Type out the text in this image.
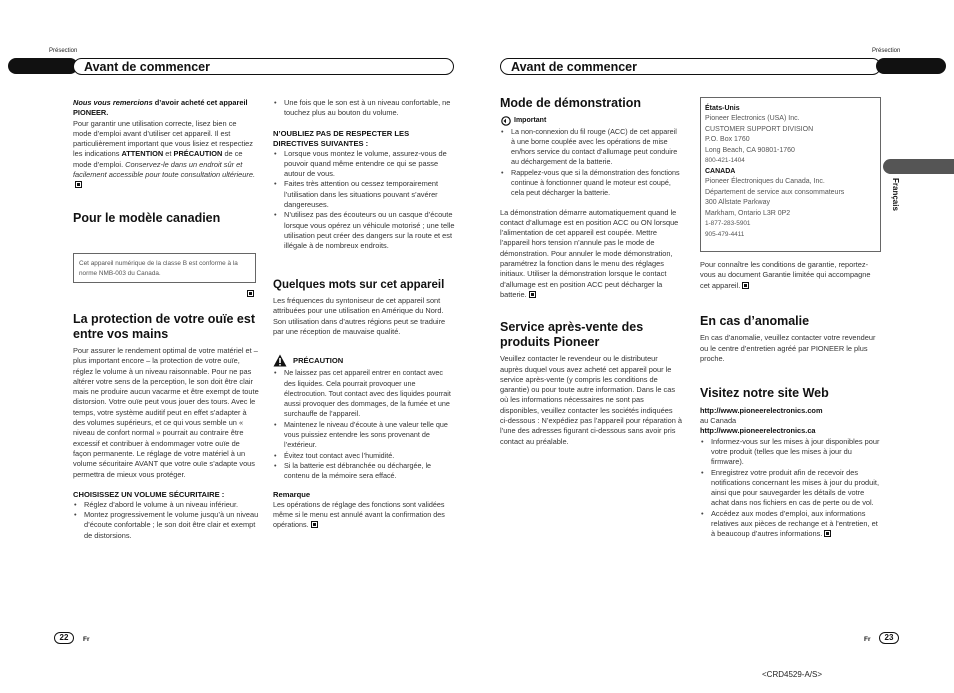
Présection	Présection
Avant de commencer	Avant de commencer
Français

Nous vous remercions d’avoir acheté cet appareil PIONEER.

Pour garantir une utilisation correcte, lisez bien ce mode d’emploi avant d’utiliser cet appareil. Il est particulièrement important que vous lisiez et respectiez les indications ATTENTION et PRÉCAUTION de ce mode d’emploi. Conservez-le dans un endroit sûr et facilement accessible pour toute consultation ultérieure.

Pour le modèle canadien

Cet appareil numérique de la classe B est conforme à la norme NMB-003 du Canada.

La protection de votre ouïe est entre vos mains

Pour assurer le rendement optimal de votre matériel et – plus important encore – la protection de votre ouïe, réglez le volume à un niveau raisonnable. Pour ne pas altérer votre sens de la perception, le son doit être clair mais ne produire aucun vacarme et être exempt de toute distorsion. Votre ouïe peut vous jouer des tours. Avec le temps, votre système auditif peut en effet s’adapter à des volumes supérieurs, et ce qui vous semble un « niveau de confort normal » pourrait au contraire être excessif et contribuer à endommager votre ouïe de façon permanente. Le réglage de votre matériel à un volume sécuritaire AVANT que votre ouïe s’adapte vous permettra de mieux vous protéger.

CHOISISSEZ UN VOLUME SÉCURITAIRE :
• Réglez d’abord le volume à un niveau inférieur.
• Montez progressivement le volume jusqu’à un niveau d’écoute confortable ; le son doit être clair et exempt de distorsions.
• Une fois que le son est à un niveau confortable, ne touchez plus au bouton du volume.
N’OUBLIEZ PAS DE RESPECTER LES DIRECTIVES SUIVANTES :
• Lorsque vous montez le volume, assurez-vous de pouvoir quand même entendre ce qui se passe autour de vous.
• Faites très attention ou cessez temporairement l’utilisation dans les situations pouvant s’avérer dangereuses.
• N’utilisez pas des écouteurs ou un casque d’écoute lorsque vous opérez un véhicule motorisé ; une telle utilisation peut créer des dangers sur la route et est illégale à de nombreux endroits.
Quelques mots sur cet appareil

Les fréquences du syntoniseur de cet appareil sont attribuées pour une utilisation en Amérique du Nord. Son utilisation dans d’autres régions peut se traduire par une réception de mauvaise qualité.

PRÉCAUTION
• Ne laissez pas cet appareil entrer en contact avec des liquides. Cela pourrait provoquer une électrocution. Tout contact avec des liquides pourrait aussi provoquer des dommages, de la fumée et une surchauffe de l’appareil.
• Maintenez le niveau d’écoute à une valeur telle que vous puissiez entendre les sons provenant de l’extérieur.
• Évitez tout contact avec l’humidité.
• Si la batterie est débranchée ou déchargée, le contenu de la mémoire sera effacé.
Remarque

Les opérations de réglage des fonctions sont validées même si le menu est annulé avant la confirmation des opérations.

Mode de démonstration
Important
• La non-connexion du fil rouge (ACC) de cet appareil à une borne couplée avec les opérations de mise en/hors service du contact d’allumage peut conduire au déchargement de la batterie.
• Rappelez-vous que si la démonstration des fonctions continue à fonctionner quand le moteur est coupé, cela peut décharger la batterie.

La démonstration démarre automatiquement quand le contact d’allumage est en position ACC ou ON lorsque l’alimentation de cet appareil est coupée. Mettre l’appareil hors tension n’annule pas le mode de démonstration. Pour annuler le mode démonstration, paramétrez la fonction dans le menu des réglages initiaux. Utiliser la démonstration lorsque le contact d’allumage est en position ACC peut décharger la batterie.

Service après-vente des produits Pioneer

Veuillez contacter le revendeur ou le distributeur auprès duquel vous avez acheté cet appareil pour le service après-vente (y compris les conditions de garantie) ou pour toute autre information. Dans le cas où les informations nécessaires ne sont pas disponibles, veuillez contacter les sociétés indiquées ci-dessous : N’expédiez pas l’appareil pour réparation à l’une des adresses figurant ci-dessous sans avoir pris contact au préalable.

États-Unis
Pioneer Electronics (USA) Inc.
CUSTOMER SUPPORT DIVISION
P.O. Box 1760
Long Beach, CA 90801-1760
800-421-1404
CANADA
Pioneer Électroniques du Canada, Inc.
Département de service aux consommateurs
300 Allstate Parkway
Markham, Ontario L3R 0P2
1-877-283-5901
905-479-4411

Pour connaître les conditions de garantie, reportez-vous au document Garantie limitée qui accompagne cet appareil.

En cas d’anomalie

En cas d’anomalie, veuillez contacter votre revendeur ou le centre d’entretien agréé par PIONEER le plus proche.

Visitez notre site Web
http://www.pioneerelectronics.com
au Canada
http://www.pioneerelectronics.ca
• Informez-vous sur les mises à jour disponibles pour votre produit (telles que les mises à jour du firmware).
• Enregistrez votre produit afin de recevoir des notifications concernant les mises à jour du produit, ainsi que pour sauvegarder les détails de votre achat dans nos fichiers en cas de perte ou de vol.
• Accédez aux modes d’emploi, aux informations relatives aux pièces de rechange et à l’entretien, et à beaucoup d’autres informations.
22	Fr	Fr	23
<CRD4529-A/S>
